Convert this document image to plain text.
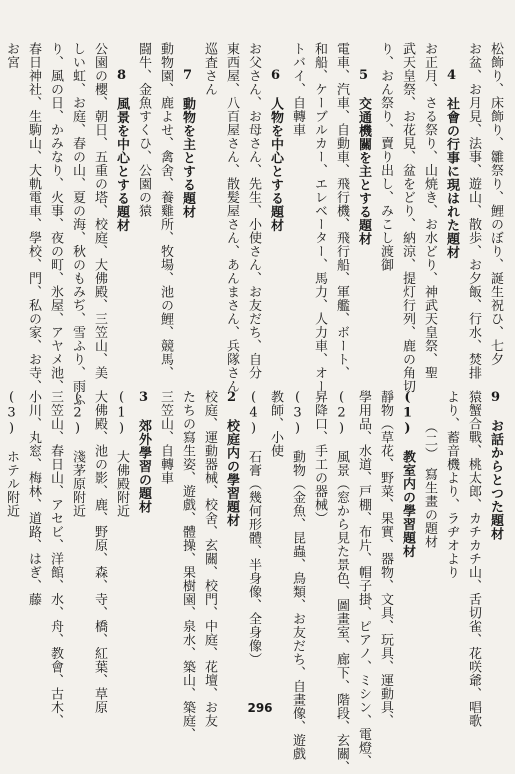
松飾り、床飾り、雛祭り、鯉のぼり、誕生祝ひ、七夕
お盆、お月見、法事、遊山、散歩、お夕飯、行水、焚排
4　社會の行事に現はれた題材
お正月、さる祭り、山焼き、お水どり、神武天皇祭、聖
武天皇祭、お花見、盆をどり、納涼、提灯行列、鹿の角切
り、おん祭り、賣り出し、みこし渡御
5　交通機關を主とする題材
電車、汽車、自動車、飛行機、飛行船、軍艦、ボート、
和船、ケーブルカー、エレベーター、馬力、人力車、オー
トバイ、自轉車
6　人物を中心とする題材
お父さん、お母さん、先生、小使さん、お友だち、自分
東西屋、八百屋さん、散髪屋さん、あんまさん、兵隊さん
巡査さん
7　動物を主とする題材
動物園、鹿よせ、禽舍、養雞所、牧場、池の鯉、競馬、
闘牛、金魚すくひ、公園の猿
8　風景を中心とする題材
公園の櫻、朝日、五重の塔、校庭、大佛殿、三笠山、美
しい虹、お庭、春の山、夏の海、秋のもみぢ、雪ふり、雨ふ
り、風の日、かみなり、火事、夜の町、氷屋、アヤメ池、
春日神社、生駒山、大軌電車、學校、門、私の家、お寺、
お宮
9　お話からとつた題材
猿蟹合戰、桃太郎、カチカチ山、舌切雀、花咲爺、唱歌
より、蓄音機より、ラヂオより
（二）　寫生畫の題材
(1)　教室内の學習題材
靜物（草花、野菜、果實、器物、文具、玩具、運動具、
學用品、水道、戸棚、布片、帽子掛、ピアノ、ミシン、電燈、
(2)　風景（窓から見た景色、圖畫室、廊下、階段、玄關、
昇降口、手工の器械）
(3)　動物（金魚、昆蟲、鳥類、お友だち、自畫像、遊戲
教師、小使
(4)　石膏（幾何形體、半身像、全身像）
2　校庭内の學習題材
校庭、運動器械、校舍、玄關、校門、中庭、花壇、お友
たちの寫生姿、遊戲、體操、果樹園、泉水、築山、築庭、
三笠山、自轉車
3　郊外學習の題材
(1)　大佛殿附近
大佛殿、池の影、鹿、野原、森、寺、橋、紅葉、草原
(2)　淺茅原附近
三笠山、春日山、アセビ、洋館、水、舟、教會、古木、
小川、丸窓、梅林、道路、はぎ、藤
(3)　ホテル附近
296
